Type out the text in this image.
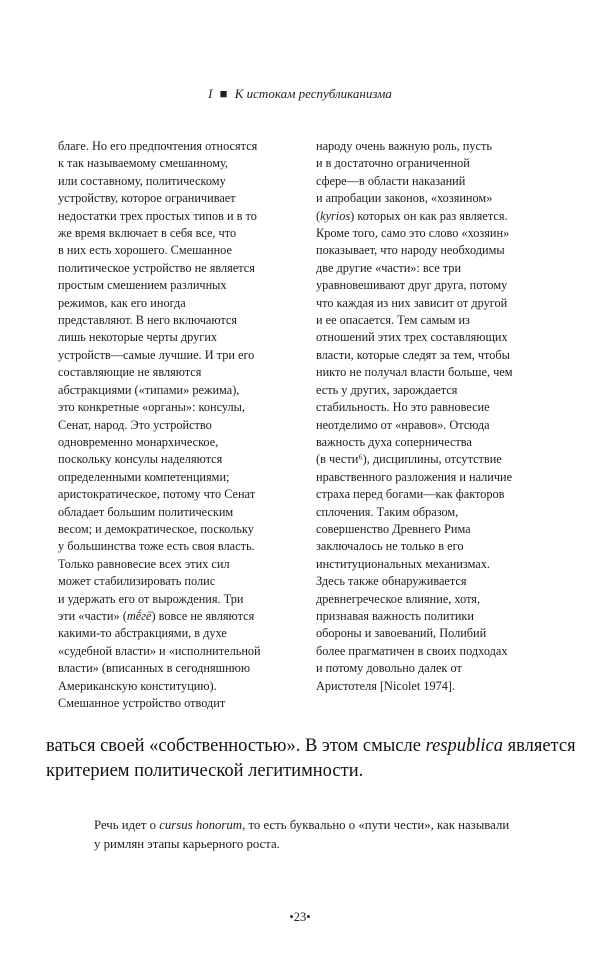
I ■ К истокам республиканизма
благе. Но его предпочтения относятся
к так называемому смешанному,
или составному, политическому
устройству, которое ограничивает
недостатки трех простых типов и в то
же время включает в себя все, что
в них есть хорошего. Смешанное
политическое устройство не является
простым смешением различных
режимов, как его иногда
представляют. В него включаются
лишь некоторые черты других
устройств—самые лучшие. И три его
составляющие не являются
абстракциями («типами» режима),
это конкретные «органы»: консулы,
Сенат, народ. Это устройство
одновременно монархическое,
поскольку консулы наделяются
определенными компетенциями;
аристократическое, потому что Сенат
обладает большим политическим
весом; и демократическое, поскольку
у большинства тоже есть своя власть.
Только равновесие всех этих сил
может стабилизировать полис
и удержать его от вырождения. Три
эти «части» (тḗгё) вовсе не являются
какими-то абстракциями, в духе
«судебной власти» и «исполнительной
власти» (вписанных в сегодняшнюю
Американскую конституцию).
Смешанное устройство отводит
народу очень важную роль, пусть
и в достаточно ограниченной
сфере—в области наказаний
и апробации законов, «хозяином»
(kyrios) которых он как раз является.
Кроме того, само это слово «хозяин»
показывает, что народу необходимы
две другие «части»: все три
уравновешивают друг друга, потому
что каждая из них зависит от другой
и ее опасается. Тем самым из
отношений этих трех составляющих
власти, которые следят за тем, чтобы
никто не получал власти больше, чем
есть у других, зарождается
стабильность. Но это равновесие
неотделимо от «нравов». Отсюда
важность духа соперничества
(в чести⁶), дисциплины, отсутствие
нравственного разложения и наличие
страха перед богами—как факторов
сплочения. Таким образом,
совершенство Древнего Рима
заключалось не только в его
институциональных механизмах.
Здесь также обнаруживается
древнегреческое влияние, хотя,
признавая важность политики
обороны и завоеваний, Полибий
более прагматичен в своих подходах
и потому довольно далек от
Аристотеля [Nicolet 1974].
ваться своей «собственностью». В этом смысле respublica является
критерием политической легитимности.
Речь идет о cursus honorum, то есть буквально о «пути чести», как называли
у римлян этапы карьерного роста.
•23•
